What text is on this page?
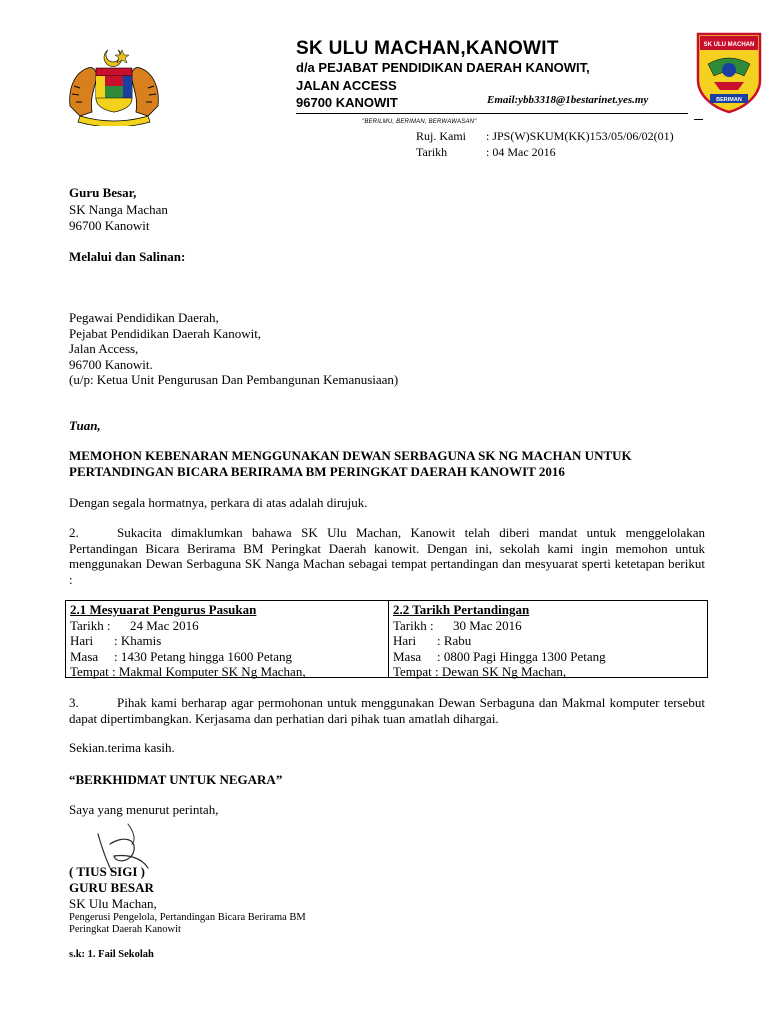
SK ULU MACHAN
BERIMAN
SK ULU MACHAN,KANOWIT
d/a PEJABAT PENDIDIKAN DAERAH KANOWIT,
JALAN ACCESS
96700 KANOWIT	Email:ybb3318@1bestarinet.yes.my
"BERILMU, BERIMAN, BERWAWASAN"
Ruj. Kami	: JPS(W)SKUM(KK)153/05/06/02(01)
Tarikh	: 04 Mac 2016
Guru Besar,
SK Nanga Machan
96700 Kanowit
Melalui dan Salinan:
Pegawai Pendidikan Daerah,
Pejabat Pendidikan Daerah Kanowit,
Jalan Access,
96700 Kanowit.
(u/p: Ketua Unit Pengurusan Dan Pembangunan Kemanusiaan)
Tuan,
MEMOHON KEBENARAN MENGGUNAKAN DEWAN SERBAGUNA SK NG MACHAN UNTUK
PERTANDINGAN BICARA BERIRAMA BM PERINGKAT DAERAH KANOWIT 2016
Dengan segala hormatnya, perkara di atas adalah dirujuk.

2.	Sukacita dimaklumkan bahawa SK Ulu Machan, Kanowit telah diberi mandat untuk menggelolakan Pertandingan Bicara Berirama BM Peringkat Daerah kanowit. Dengan ini, sekolah kami ingin memohon untuk menggunakan Dewan Serbaguna SK Nanga Machan sebagai tempat pertandingan dan mesyuarat sperti ketetapan berikut :

2.1 Mesyuarat Pengurus Pasukan
Tarikh :	24 Mac 2016
Hari	: Khamis
Masa	: 1430 Petang hingga 1600 Petang
Tempat : Makmal Komputer SK Ng Machan,
2.2 Tarikh Pertandingan
Tarikh :	30 Mac 2016
Hari	: Rabu
Masa	: 0800 Pagi Hingga 1300 Petang
Tempat : Dewan SK Ng Machan,

3.	Pihak kami berharap agar permohonan untuk menggunakan Dewan Serbaguna dan Makmal komputer tersebut dapat dipertimbangkan. Kerjasama dan perhatian dari pihak tuan amatlah dihargai.

Sekian.terima kasih.
“BERKHIDMAT UNTUK NEGARA”
Saya yang menurut perintah,
( TIUS SIGI )
GURU BESAR
SK Ulu Machan,
Pengerusi Pengelola, Pertandingan Bicara Berirama BM
Peringkat Daerah Kanowit
s.k: 1. Fail Sekolah
